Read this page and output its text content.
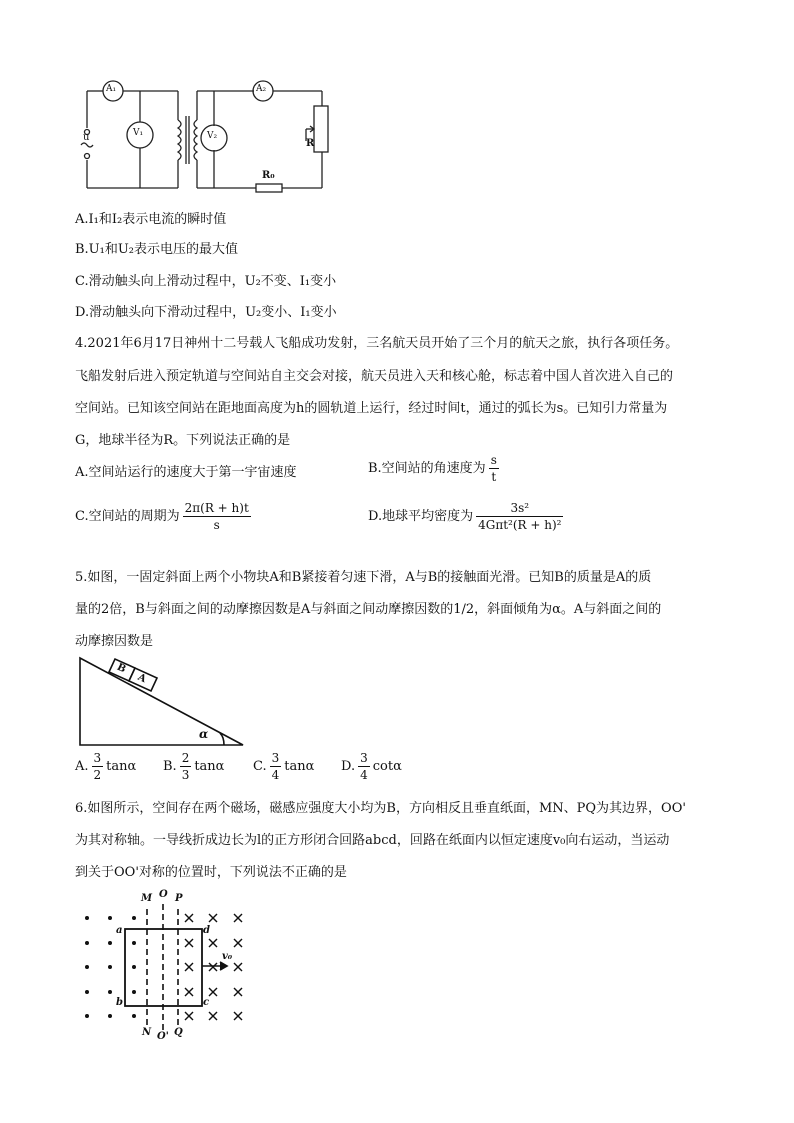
A₁	A₂
V₁	V₂
u
R
R₀
A.I₁和I₂表示电流的瞬时值
B.U₁和U₂表示电压的最大值
C.滑动触头向上滑动过程中，U₂不变、I₁变小
D.滑动触头向下滑动过程中，U₂变小、I₁变小
4.2021年6月17日神州十二号载人飞船成功发射，三名航天员开始了三个月的航天之旅，执行各项任务。
飞船发射后进入预定轨道与空间站自主交会对接，航天员进入天和核心舱，标志着中国人首次进入自己的
空间站。已知该空间站在距地面高度为h的圆轨道上运行，经过时间t，通过的弧长为s。已知引力常量为
G，地球半径为R。下列说法正确的是
A.空间站运行的速度大于第一宇宙速度	B.空间站的角速度为 $\frac{s}{t}$
C.空间站的周期为 $\frac{2\pi(R + h)t}{s}$	D.地球平均密度为 $\frac{\text{3s²}}{\text{4Gπt²(R + h)²}}$
5.如图，一固定斜面上两个小物块A和B紧接着匀速下滑，A与B的接触面光滑。已知B的质量是A的质
量的2倍，B与斜面之间的动摩擦因数是A与斜面之间动摩擦因数的1/2，斜面倾角为α。A与斜面之间的
动摩擦因数是
B
A
α
A. $\frac{3}{2}$ tanα B. $\frac{2}{3}$ tanα C. $\frac{3}{4}$ tanα D. $\frac{3}{4}$ cotα
6.如图所示，空间存在两个磁场，磁感应强度大小均为B，方向相反且垂直纸面，MN、PQ为其边界，OO'
为其对称轴。一导线折成边长为l的正方形闭合回路abcd，回路在纸面内以恒定速度v₀向右运动，当运动
到关于OO'对称的位置时，下列说法不正确的是
M O P
N O' Q
a
b	c
d
v₀
